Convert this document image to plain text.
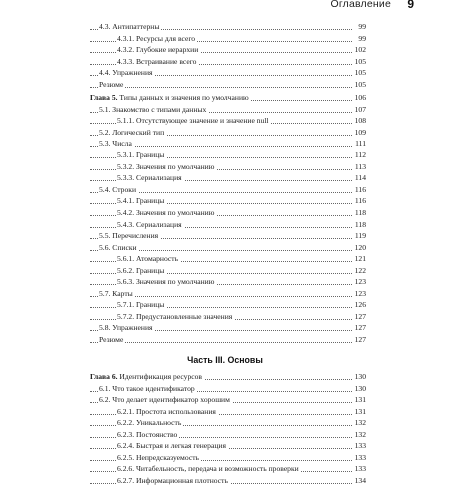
Оглавление 9
4.3. Антипаттерны	99
4.3.1. Ресурсы для всего	99
4.3.2. Глубокие иерархии	102
4.3.3. Встраивание всего	105
4.4. Упражнения	105
Резюме	105
Глава 5. Типы данных и значения по умолчанию	106
5.1. Знакомство с типами данных	107
5.1.1. Отсутствующее значение и значение null	108
5.2. Логический тип	109
5.3. Числа	111
5.3.1. Границы	112
5.3.2. Значения по умолчанию	113
5.3.3. Сериализация	114
5.4. Строки	116
5.4.1. Границы	116
5.4.2. Значения по умолчанию	118
5.4.3. Сериализация	118
5.5. Перечисления	119
5.6. Списки	120
5.6.1. Атомарность	121
5.6.2. Границы	122
5.6.3. Значения по умолчанию	123
5.7. Карты	123
5.7.1. Границы	126
5.7.2. Предустановленные значения	127
5.8. Упражнения	127
Резюме	127
Глава 6. Идентификация ресурсов	130
6.1. Что такое идентификатор	130
6.2. Что делает идентификатор хорошим	131
6.2.1. Простота использования	131
6.2.2. Уникальность	132
6.2.3. Постоянство	132
6.2.4. Быстрая и легкая генерация	133
6.2.5. Непредсказуемость	133
6.2.6. Читабельность, передача и возможность проверки	133
6.2.7. Информационная плотность	134
Часть III. Основы
